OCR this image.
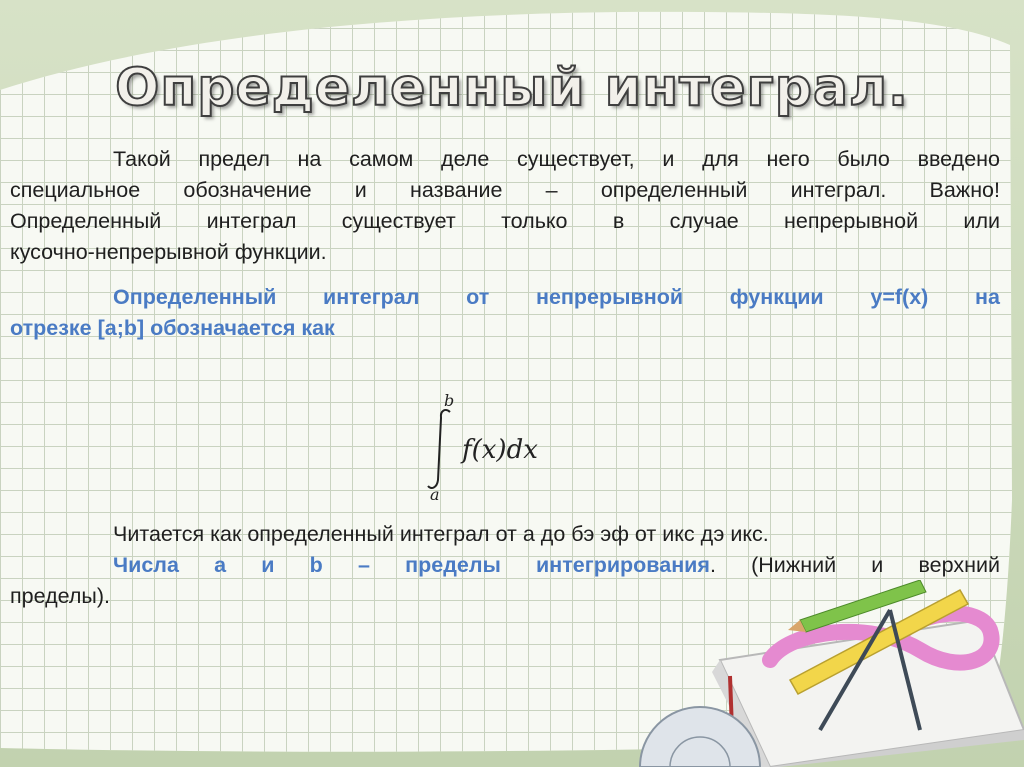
Определенный интеграл.
Такой предел на самом деле существует, и для него было введено
специальное обозначение и название – определенный интеграл. Важно!
Определенный интеграл существует только в случае непрерывной или
кусочно-непрерывной функции.
Определенный интеграл от непрерывной функции y=f(x) на
отрезке [a;b] обозначается как
b
f(x)dx
a
Читается как определенный интеграл от а до бэ эф от икс дэ икс.
Числа a и b – пределы интегрирования. (Нижний и верхний
пределы).
